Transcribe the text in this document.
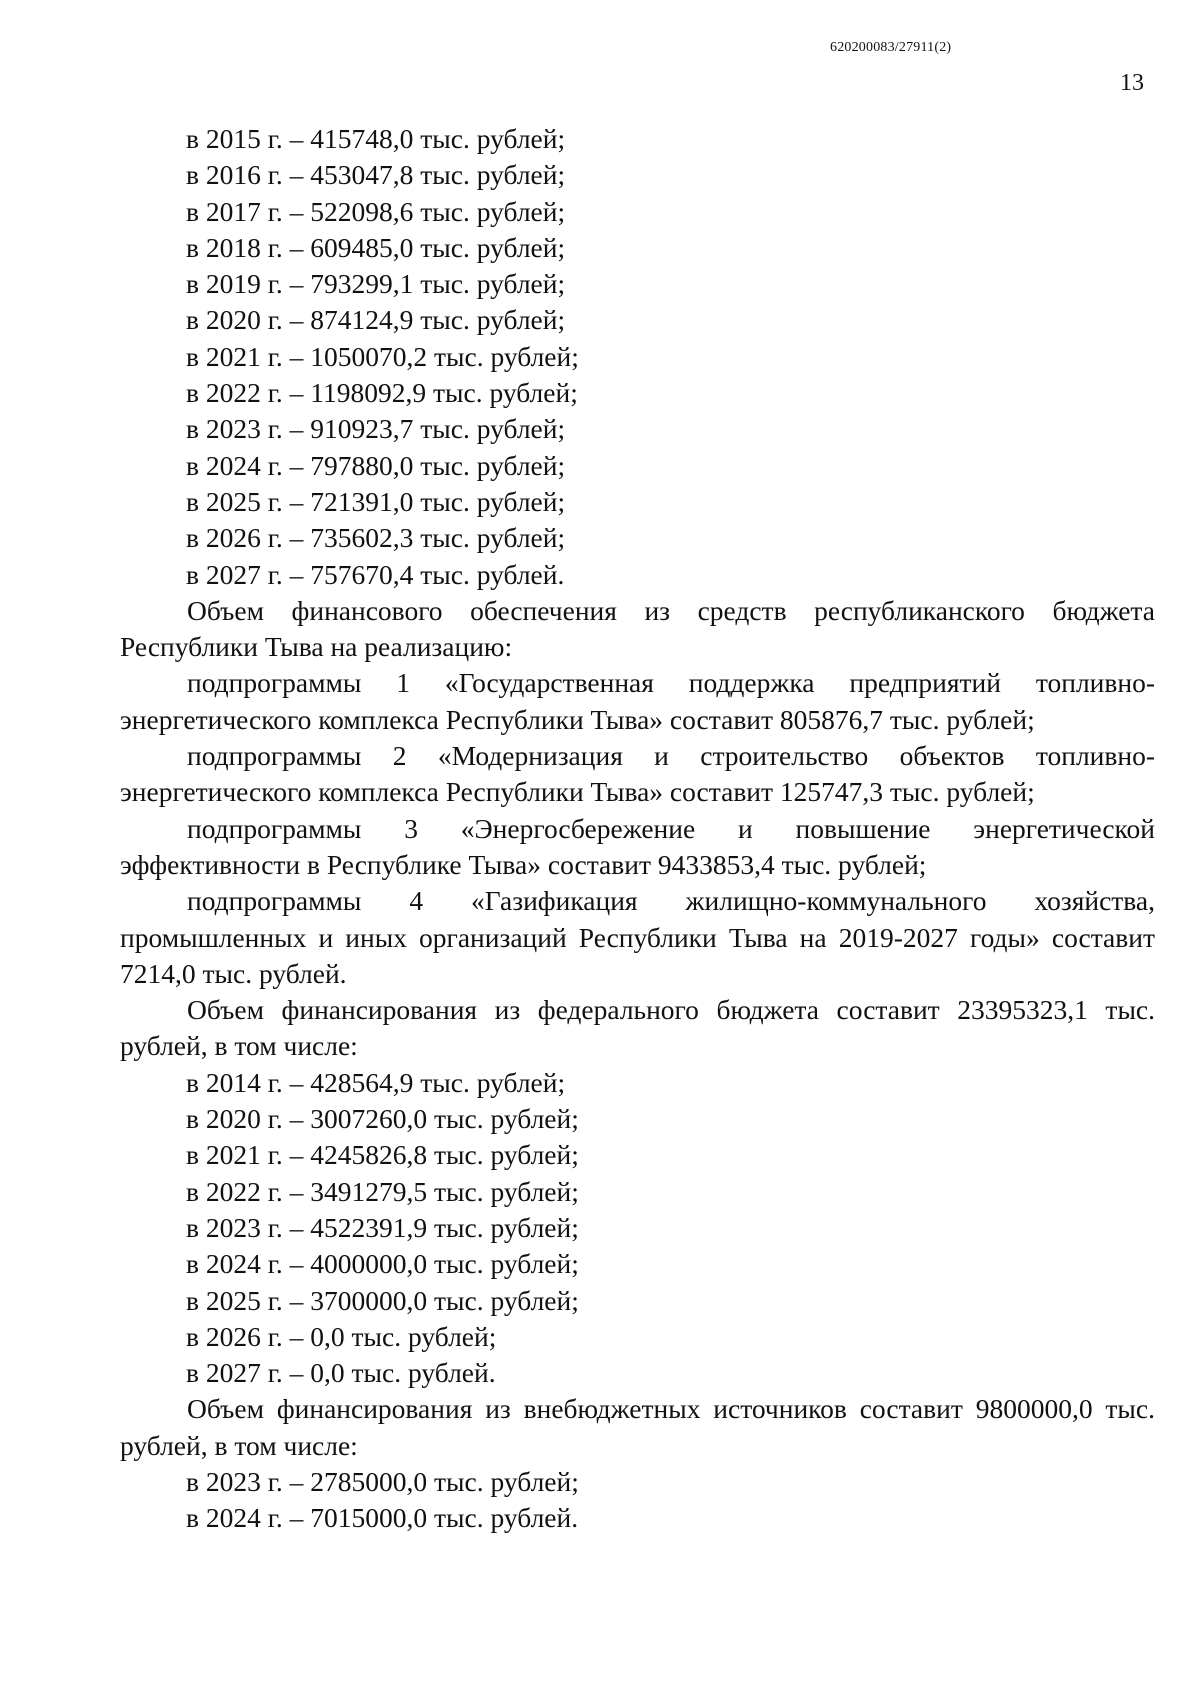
620200083/27911(2)
13

в 2015 г. – 415748,0 тыс. рублей;

в 2016 г. – 453047,8 тыс. рублей;

в 2017 г. – 522098,6 тыс. рублей;

в 2018 г. – 609485,0 тыс. рублей;

в 2019 г. – 793299,1 тыс. рублей;

в 2020 г. – 874124,9 тыс. рублей;

в 2021 г. – 1050070,2 тыс. рублей;

в 2022 г. – 1198092,9 тыс. рублей;

в 2023 г. – 910923,7 тыс. рублей;

в 2024 г. – 797880,0 тыс. рублей;

в 2025 г. – 721391,0 тыс. рублей;

в 2026 г. – 735602,3 тыс. рублей;

в 2027 г. – 757670,4 тыс. рублей.

Объем финансового обеспечения из средств республиканского бюджета Республики Тыва на реализацию:

подпрограммы 1 «Государственная поддержка предприятий топливно-энергетического комплекса Республики Тыва» составит 805876,7 тыс. рублей;

подпрограммы 2 «Модернизация и строительство объектов топливно-энергетического комплекса Республики Тыва» составит 125747,3 тыс. рублей;

подпрограммы 3 «Энергосбережение и повышение энергетической эффективности в Республике Тыва» составит 9433853,4 тыс. рублей;

подпрограммы 4 «Газификация жилищно-коммунального хозяйства, промышленных и иных организаций Республики Тыва на 2019-2027 годы» составит 7214,0 тыс. рублей.

Объем финансирования из федерального бюджета составит 23395323,1 тыс. рублей, в том числе:

в 2014 г. – 428564,9 тыс. рублей;

в 2020 г. – 3007260,0 тыс. рублей;

в 2021 г. – 4245826,8 тыс. рублей;

в 2022 г. – 3491279,5 тыс. рублей;

в 2023 г. – 4522391,9 тыс. рублей;

в 2024 г. – 4000000,0 тыс. рублей;

в 2025 г. – 3700000,0 тыс. рублей;

в 2026 г. – 0,0 тыс. рублей;

в 2027 г. – 0,0 тыс. рублей.

Объем финансирования из внебюджетных источников составит 9800000,0 тыс. рублей, в том числе:

в 2023 г. – 2785000,0 тыс. рублей;

в 2024 г. – 7015000,0 тыс. рублей.
